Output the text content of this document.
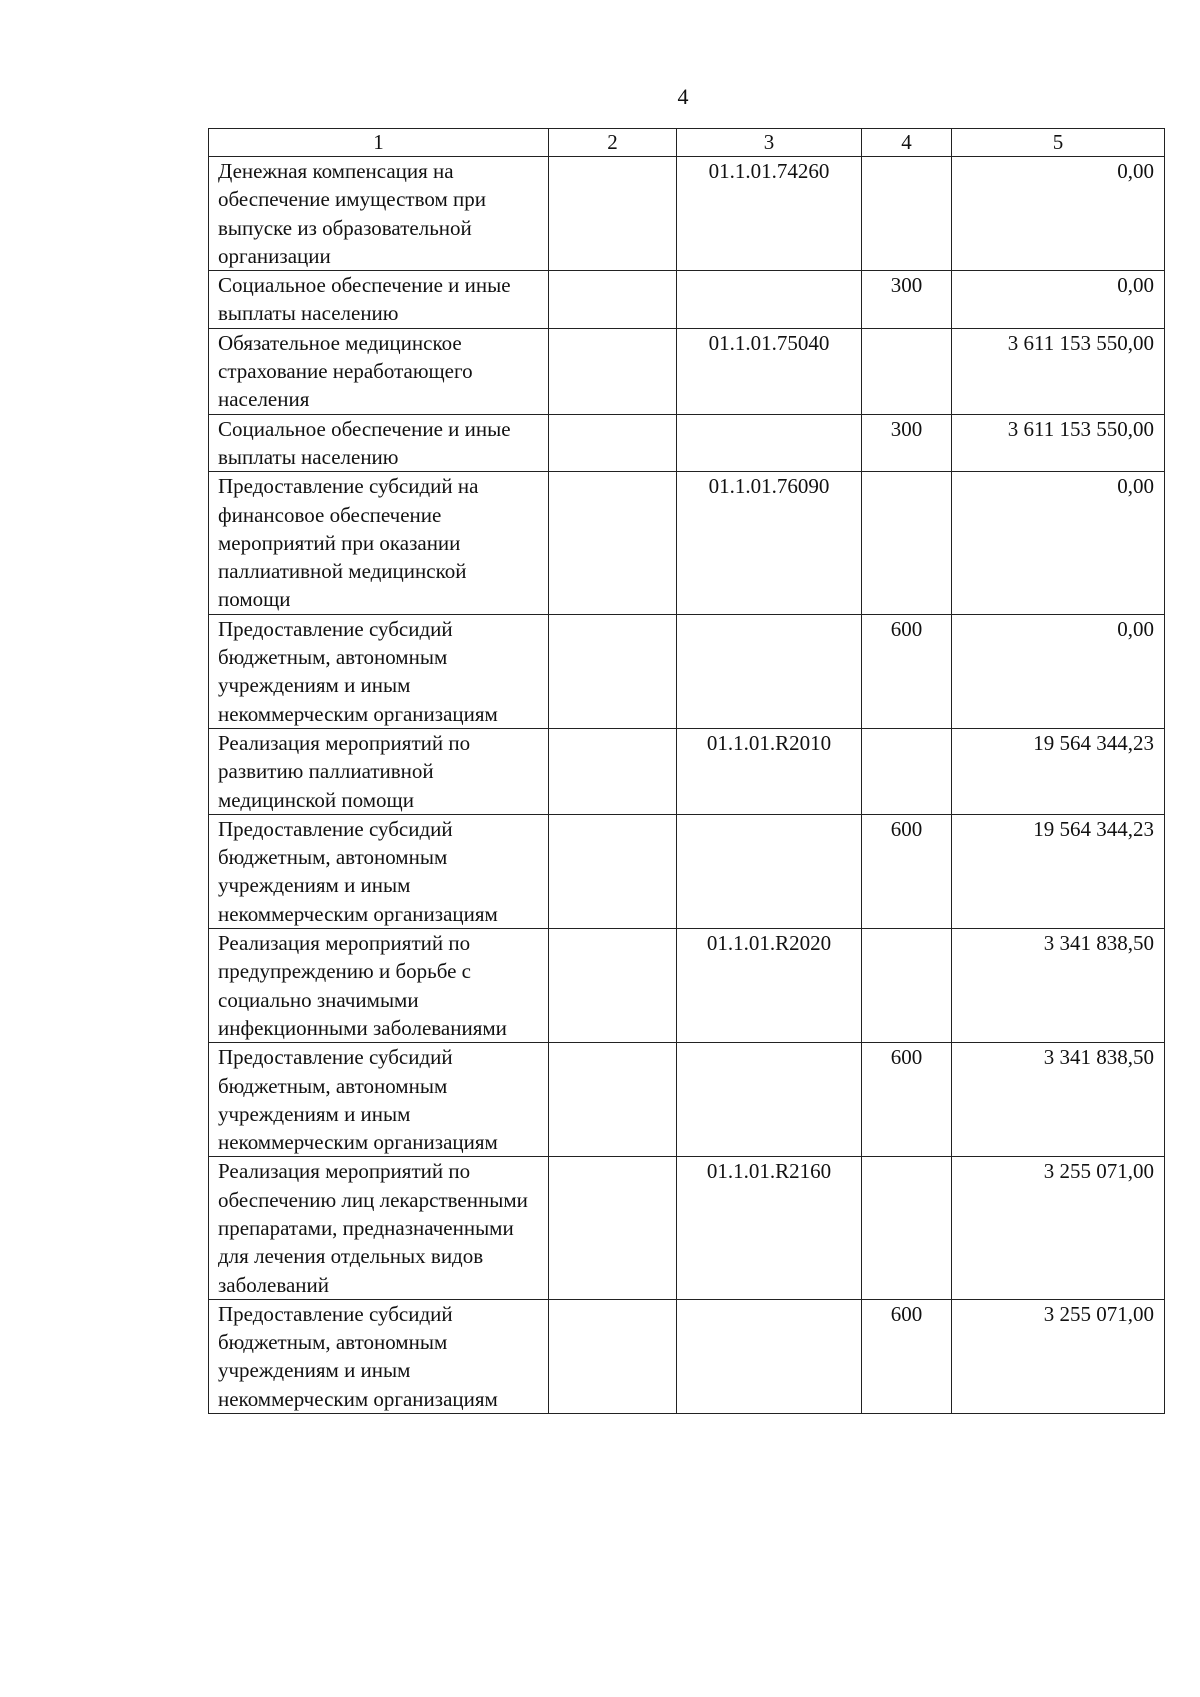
4
1	2	3	4	5
Денежная компенсация на обеспечение имуществом при выпуске из образовательной организации		01.1.01.74260		0,00
Социальное обеспечение и иные выплаты населению			300	0,00
Обязательное медицинское страхование неработающего населения		01.1.01.75040		3 611 153 550,00
Социальное обеспечение и иные выплаты населению			300	3 611 153 550,00
Предоставление субсидий на финансовое обеспечение мероприятий при оказании паллиативной медицинской помощи		01.1.01.76090		0,00
Предоставление субсидий бюджетным, автономным учреждениям и иным некоммерческим организациям			600	0,00
Реализация мероприятий по развитию паллиативной медицинской помощи		01.1.01.R2010		19 564 344,23
Предоставление субсидий бюджетным, автономным учреждениям и иным некоммерческим организациям			600	19 564 344,23
Реализация мероприятий по предупреждению и борьбе с социально значимыми инфекционными заболеваниями		01.1.01.R2020		3 341 838,50
Предоставление субсидий бюджетным, автономным учреждениям и иным некоммерческим организациям			600	3 341 838,50
Реализация мероприятий по обеспечению лиц лекарственными препаратами, предназначенными для лечения отдельных видов заболеваний		01.1.01.R2160		3 255 071,00
Предоставление субсидий бюджетным, автономным учреждениям и иным некоммерческим организациям			600	3 255 071,00
